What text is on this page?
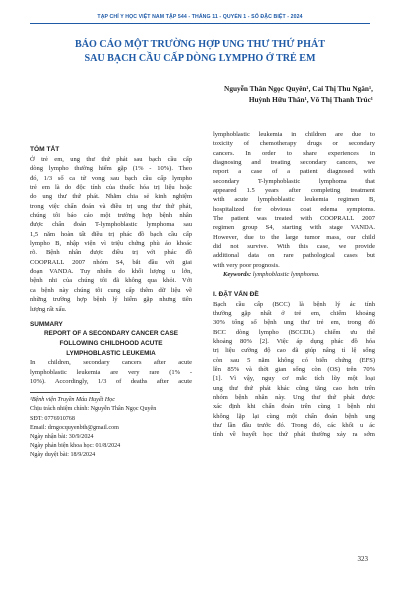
TẠP CHÍ Y HỌC VIỆT NAM TẬP 544 - THÁNG 11 - QUYỂN 1 - SỐ ĐẶC BIỆT - 2024
BÁO CÁO MỘT TRƯỜNG HỢP UNG THƯ THỨ PHÁT
SAU BẠCH CẦU CẤP DÒNG LYMPHO Ở TRẺ EM
Nguyễn Thân Ngọc Quyên¹, Cai Thị Thu Ngân¹,
Huỳnh Hữu Thân¹, Võ Thị Thanh Trúc¹
TÓM TẮT
Ở trẻ em, ung thư thứ phát sau bạch cầu cấp
dòng lympho thường hiếm gặp (1% - 10%). Theo
đó, 1/3 số ca tử vong sau bạch cầu cấp lympho
trẻ em là do độc tính của thuốc hóa trị liệu hoặc
do ung thư thứ phát. Nhằm chia sẻ kinh nghiệm
trong việc chẩn đoán và điều trị ung thư thứ phát,
chúng tôi báo cáo một trường hợp bệnh nhân
được chẩn đoán T-lymphoblastic lymphoma sau
1,5 năm hoàn tất điều trị phác đồ bạch cầu cấp
lympho B, nhập viện vì triệu chứng phù áo khoác
rõ. Bệnh nhân được điều trị với phác đồ
COOPRALL 2007 nhóm S4, bắt đầu với giai
đoạn VANDA. Tuy nhiên do khối lượng u lớn,
bệnh nhi của chúng tôi đã không qua khỏi. Với
ca bệnh này chúng tôi cung cấp thêm dữ liệu về
những trường hợp bệnh lý hiếm gặp nhưng tiên
lượng rất xấu.
SUMMARY
REPORT OF A SECONDARY CANCER CASE
FOLLOWING CHILDHOOD ACUTE
LYMPHOBLASTIC LEUKEMIA
In children, secondary cancers after acute
lymphoblastic leukemia are very rare (1% -
10%). Accordingly, 1/3 of deaths after acute
¹Bệnh viện Truyền Máu Huyết Học
Chịu trách nhiệm chính: Nguyễn Thân Ngọc Quyên
SĐT: 0776910768
Email: drngocquyenbth@gmail.com
Ngày nhận bài: 30/9/2024
Ngày phản biện khoa học: 01/8/2024
Ngày duyệt bài: 18/9/2024
lymphoblastic leukemia in children are due to
toxicity of chemotherapy drugs or secondary
cancers. In order to share experiences in
diagnosing and treating secondary cancers, we
report a case of a patient diagnosed with
secondary T-lymphoblastic lymphoma that
appeared 1.5 years after completing treatment
with acute lymphoblastic leukemia regimen B,
hospitalized for obvious coat edema symptoms.
The patient was treated with COOPRALL 2007
regimen group S4, starting with stage VANDA.
However, due to the large tumor mass, our child
did not survive. With this case, we provide
additional data on rare pathological cases but
with very poor prognosis.
Keywords: lymphoblastic lymphoma.
I. ĐẶT VẤN ĐỀ
Bạch cầu cấp (BCC) là bệnh lý ác tính
thường gặp nhất ở trẻ em, chiếm khoảng
30% tổng số bệnh ung thư trẻ em, trong đó
BCC dòng lympho (BCCDL) chiếm ưu thế
khoảng 80% [2]. Việc áp dụng phác đồ hóa
trị liệu cường độ cao đã giúp nâng tỉ lệ sống
còn sau 5 năm không có biến chứng (EFS)
lên 85% và thời gian sống còn (OS) trên 70%
[1]. Vì vậy, nguy cơ mắc tích lũy một loại
ung thư thứ phát khác cũng tăng cao hơn trên
nhóm bệnh nhân này. Ung thư thứ phát được
xác định khi chẩn đoán trên cùng 1 bệnh nhi
không lặp lại cùng một chẩn đoán bệnh ung
thư lần đầu trước đó. Trong đó, các khối u ác
tính về huyết học thứ phát thường xảy ra sớm
323
